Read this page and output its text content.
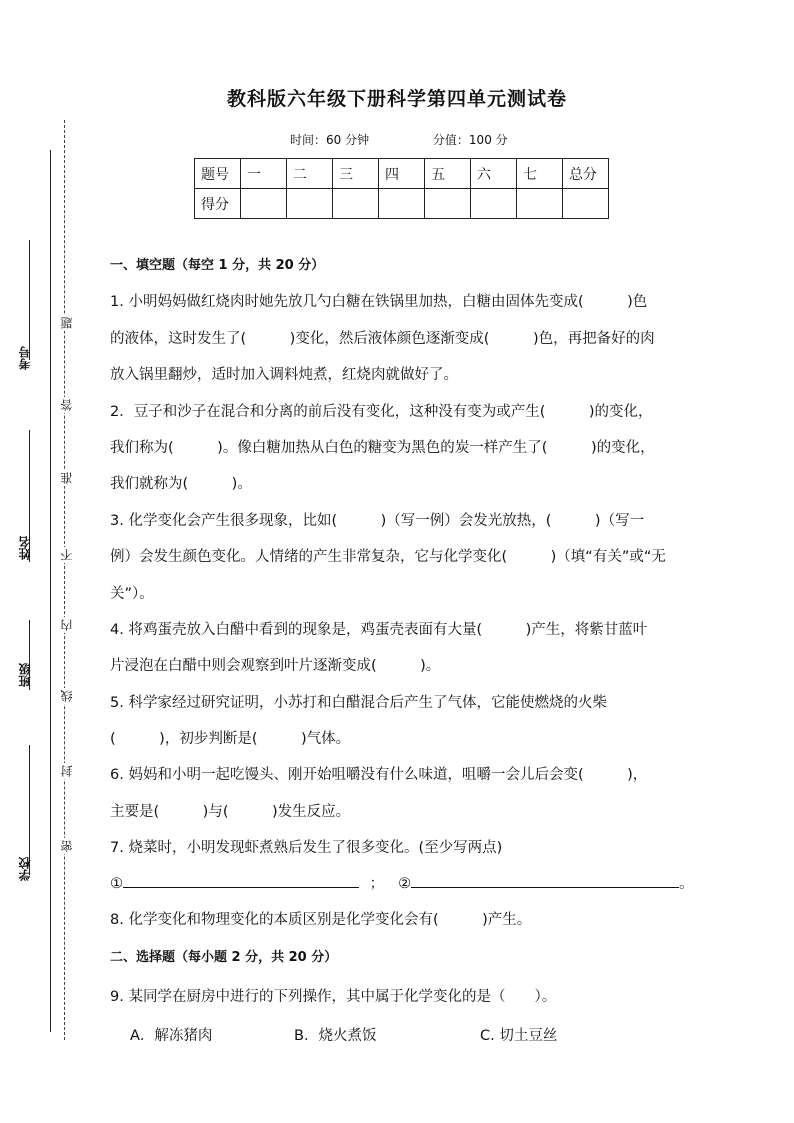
考号
姓名
班级
学校
题
答
准
不
内
线
封
密
教科版六年级下册科学第四单元测试卷
时间：60 分钟	分值：100 分
题号	一	二	三	四	五	六	七	总分
得分								
一、填空题（每空 1 分，共 20 分）
1. 小明妈妈做红烧肉时她先放几勺白糖在铁锅里加热，白糖由固体先变成(　　　)色
的液体，这时发生了(　　　)变化，然后液体颜色逐渐变成(　　　)色，再把备好的肉
放入锅里翻炒，适时加入调料炖煮，红烧肉就做好了。
2．豆子和沙子在混合和分离的前后没有变化，这种没有变为或产生(　　　)的变化，
我们称为(　　　)。像白糖加热从白色的糖变为黑色的炭一样产生了(　　　)的变化，
我们就称为(　　　)。
3. 化学变化会产生很多现象，比如(　　　)（写一例）会发光放热，(　　　)（写一
例）会发生颜色变化。人情绪的产生非常复杂，它与化学变化(　　　)（填“有关”或“无
关”）。
4. 将鸡蛋壳放入白醋中看到的现象是，鸡蛋壳表面有大量(　　　)产生，将紫甘蓝叶
片浸泡在白醋中则会观察到叶片逐渐变成(　　　)。
5. 科学家经过研究证明，小苏打和白醋混合后产生了气体，它能使燃烧的火柴
(　　　)，初步判断是(　　　)气体。
6. 妈妈和小明一起吃馒头、刚开始咀嚼没有什么味道，咀嚼一会儿后会变(　　　)，
主要是(　　　)与(　　　)发生反应。
7. 烧菜时，小明发现虾煮熟后发生了很多变化。(至少写两点)
①	； ②	。
8. 化学变化和物理变化的本质区别是化学变化会有(　　　)产生。
二、选择题（每小题 2 分，共 20 分）
9. 某同学在厨房中进行的下列操作，其中属于化学变化的是（　　）。
A．解冻猪肉	B．烧火煮饭	C. 切土豆丝
